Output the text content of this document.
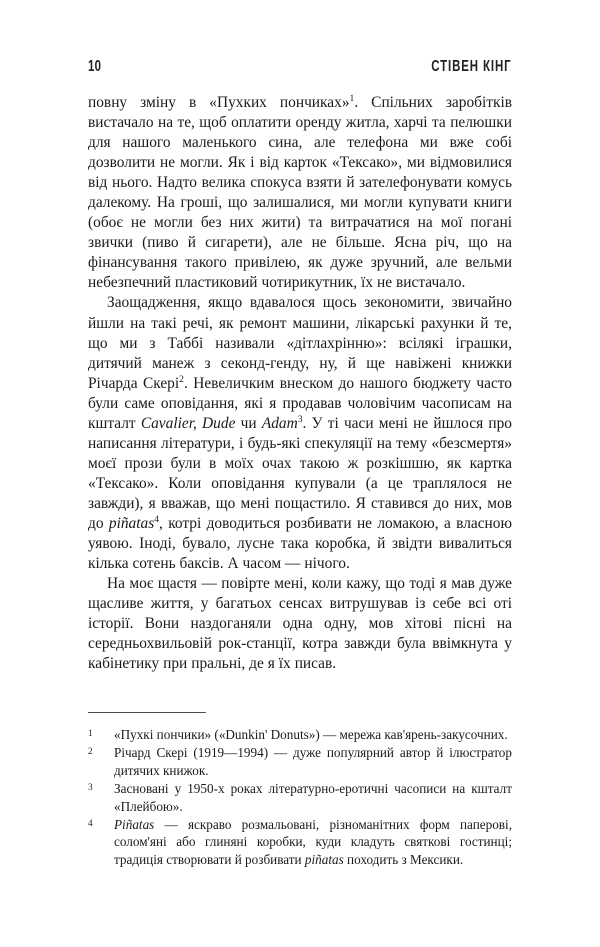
10	СТІВЕН КІНГ

повну зміну в «Пухких пончиках»$^1$. Спільних заробітків вистачало на те, щоб оплатити оренду житла, харчі та пелюшки для нашого маленького сина, але телефона ми вже собі дозволити не могли. Як і від карток «Тексако», ми відмовилися від нього. Надто велика спокуса взяти й зателефонувати комусь далекому. На гроші, що залишалися, ми могли купувати книги (обоє не могли без них жити) та витрачатися на мої погані звички (пиво й сигарети), але не більше. Ясна річ, що на фінансування такого привілею, як дуже зручний, але вельми небезпечний пластиковий чотирикутник, їх не вистачало.

Заощадження, якщо вдавалося щось зекономити, звичайно йшли на такі речі, як ремонт машини, лікарські рахунки й те, що ми з Таббі називали «дітлахрінню»: всілякі іграшки, дитячий манеж з секонд-генду, ну, й ще навіжені книжки Річарда Скері$^2$. Невеличким внеском до нашого бюджету часто були саме оповідання, які я продавав чоловічим часописам на кшталт Cavalier, Dude чи Adam$^3$. У ті часи мені не йшлося про написання літератури, і будь-які спекуляції на тему «безсмертя» моєї прози були в моїх очах такою ж розкішшю, як картка «Тексако». Коли оповідання купували (а це траплялося не завжди), я вважав, що мені пощастило. Я ставився до них, мов до piñatas$^4$, котрі доводиться розбивати не ломакою, а власною уявою. Іноді, бувало, лусне така коробка, й звідти вивалиться кілька сотень баксів. А часом — нічого.

На моє щастя — повірте мені, коли кажу, що тоді я мав дуже щасливе життя, у багатьох сенсах витрушував із себе всі оті історії. Вони наздоганяли одна одну, мов хітові пісні на середньохвильовій рок-станції, котра завжди була ввімкнута у кабінетику при пральні, де я їх писав.

1	«Пухкі пончики» («Dunkin' Donuts») — мережа кав'ярень-закусочних.

2	Річард Скері (1919—1994) — дуже популярний автор й ілюстратор дитячих книжок.

3	Засновані у 1950-х роках літературно-еротичні часописи на кшталт «Плейбою».

4	Piñatas — яскраво розмальовані, різноманітних форм паперові, солом'яні або глиняні коробки, куди кладуть святкові гостинці; традиція створювати й розбивати piñatas походить з Мексики.
